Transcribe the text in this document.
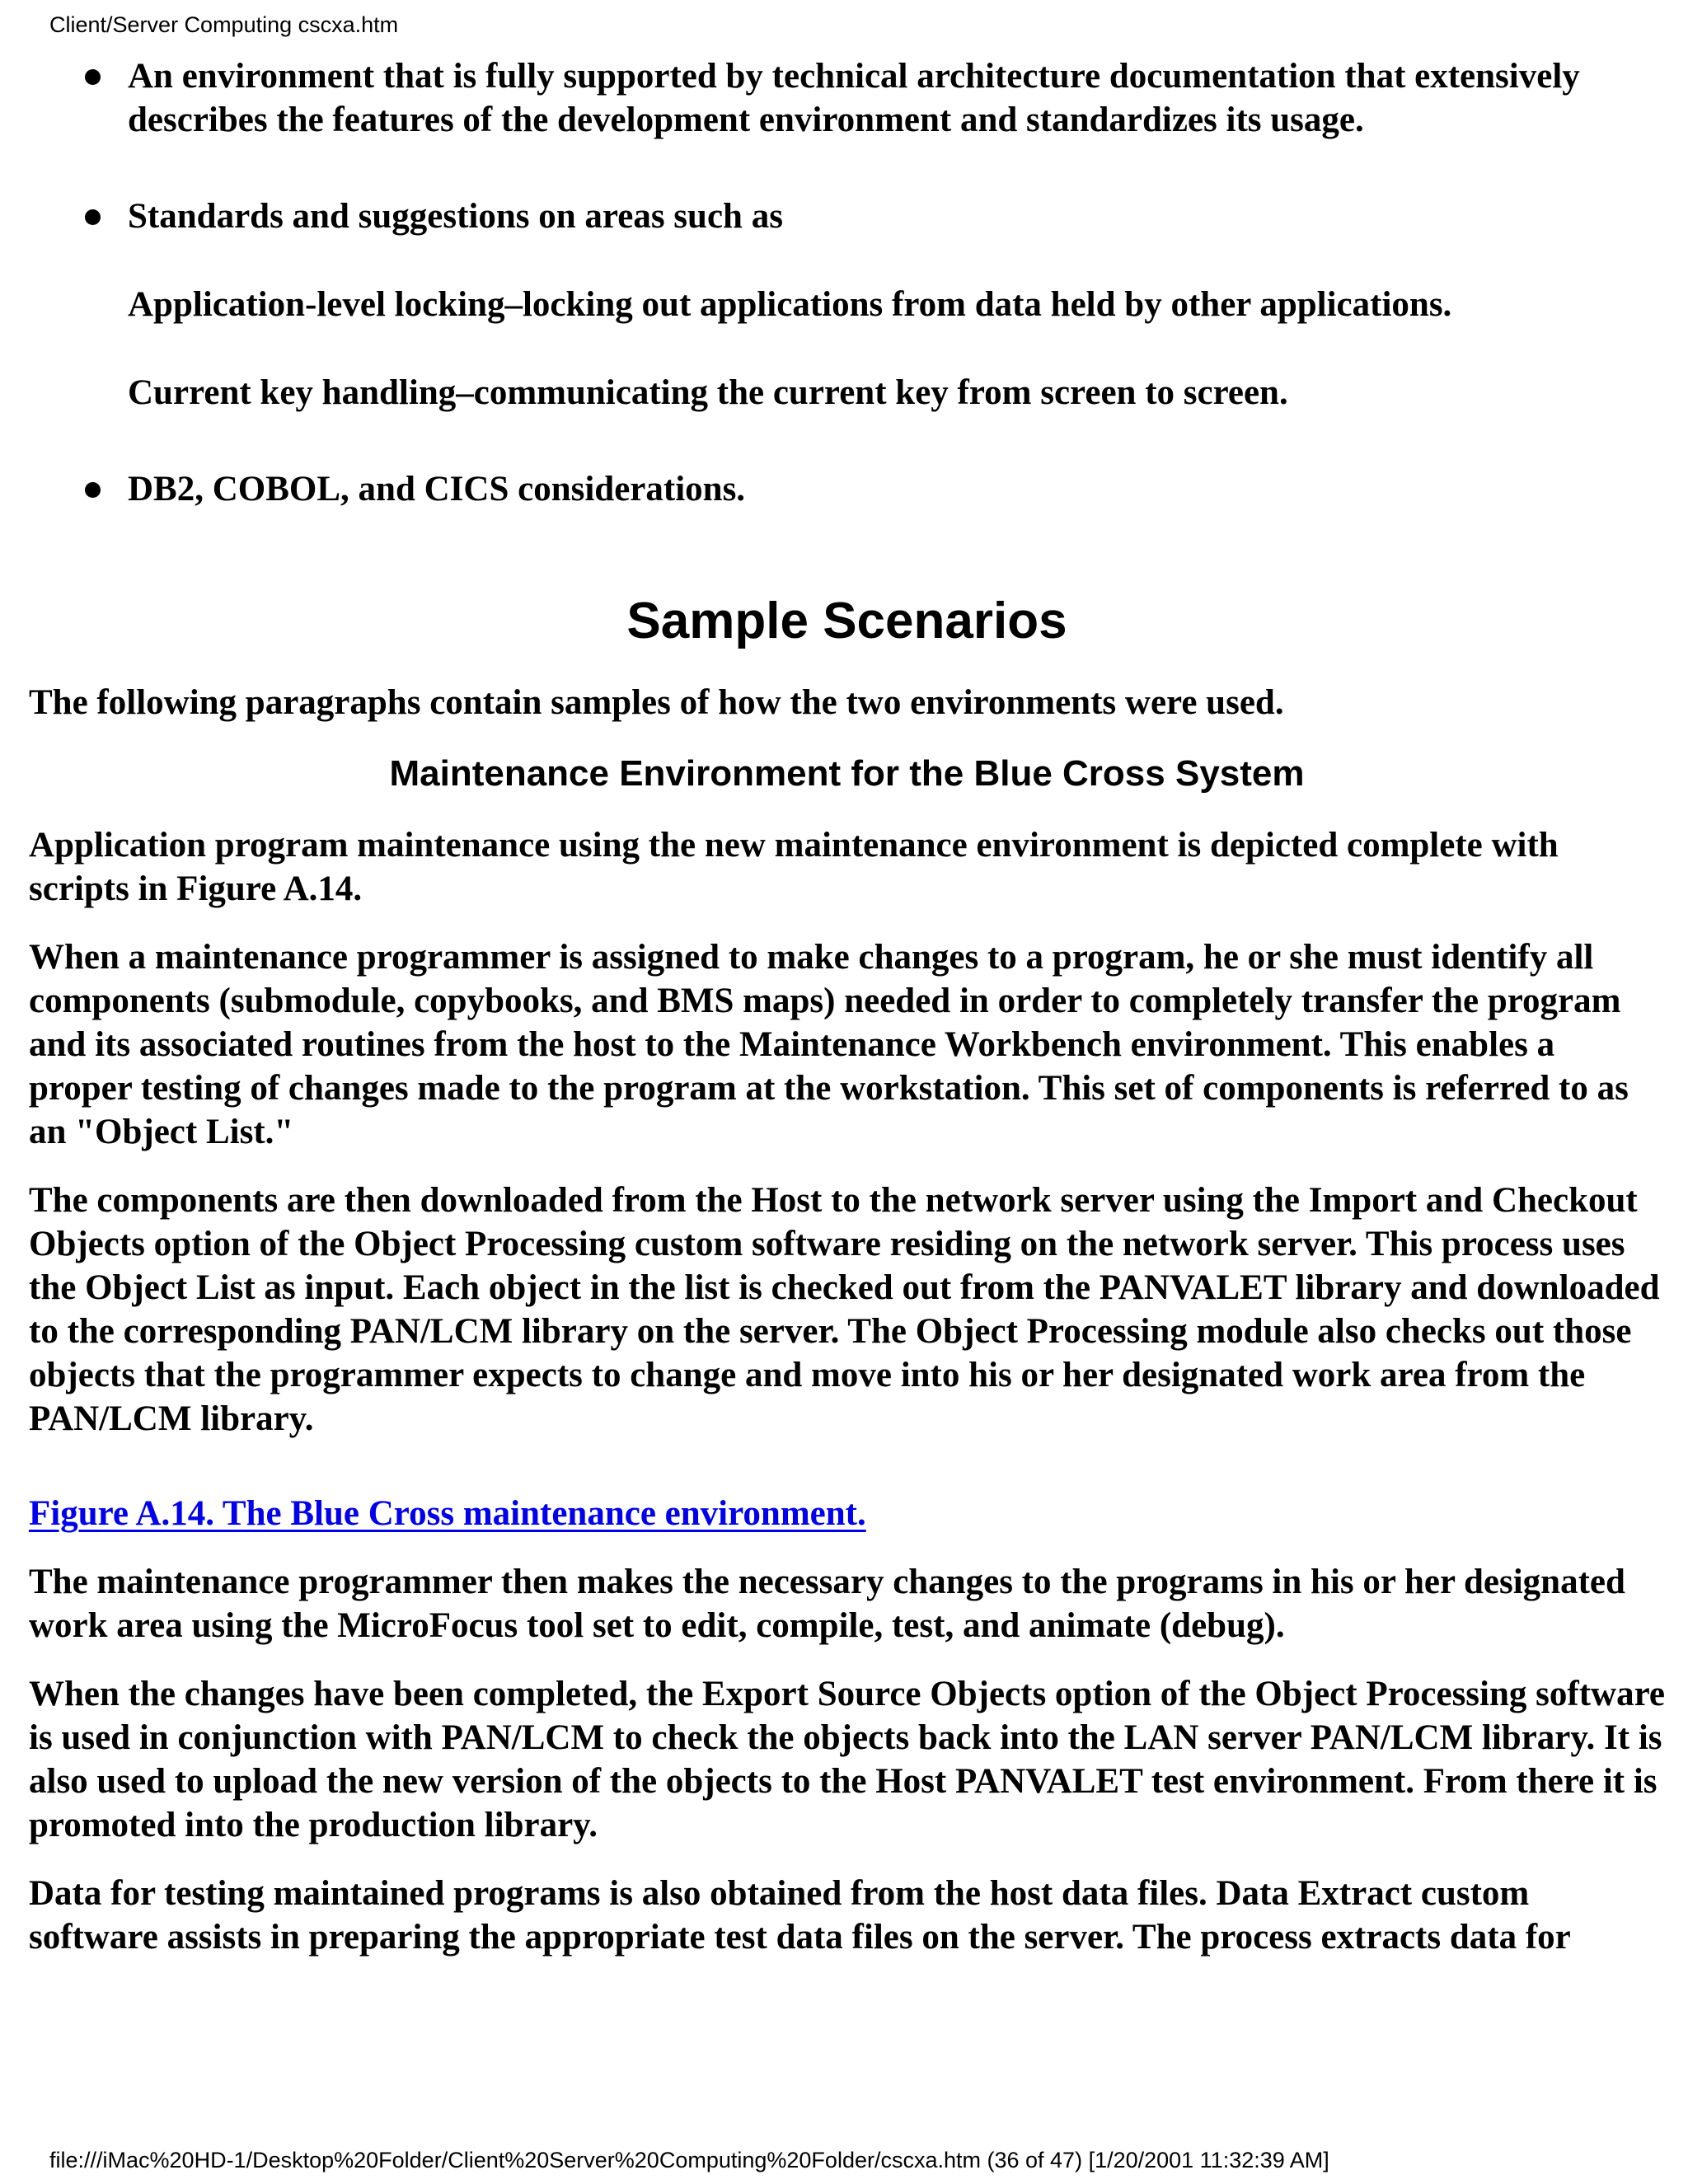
Client/Server Computing cscxa.htm
An environment that is fully supported by technical architecture documentation that extensively describes the features of the development environment and standardizes its usage.
Standards and suggestions on areas such as

Application-level locking–locking out applications from data held by other applications.

Current key handling–communicating the current key from screen to screen.

DB2, COBOL, and CICS considerations.
Sample Scenarios

The following paragraphs contain samples of how the two environments were used.

Maintenance Environment for the Blue Cross System

Application program maintenance using the new maintenance environment is depicted complete with scripts in Figure A.14.

When a maintenance programmer is assigned to make changes to a program, he or she must identify all components (submodule, copybooks, and BMS maps) needed in order to completely transfer the program and its associated routines from the host to the Maintenance Workbench environment. This enables a proper testing of changes made to the program at the workstation. This set of components is referred to as an "Object List."

The components are then downloaded from the Host to the network server using the Import and Checkout Objects option of the Object Processing custom software residing on the network server. This process uses the Object List as input. Each object in the list is checked out from the PANVALET library and downloaded to the corresponding PAN/LCM library on the server. The Object Processing module also checks out those objects that the programmer expects to change and move into his or her designated work area from the PAN/LCM library.

Figure A.14. The Blue Cross maintenance environment.

The maintenance programmer then makes the necessary changes to the programs in his or her designated work area using the MicroFocus tool set to edit, compile, test, and animate (debug).

When the changes have been completed, the Export Source Objects option of the Object Processing software is used in conjunction with PAN/LCM to check the objects back into the LAN server PAN/LCM library. It is also used to upload the new version of the objects to the Host PANVALET test environment. From there it is promoted into the production library.

Data for testing maintained programs is also obtained from the host data files. Data Extract custom software assists in preparing the appropriate test data files on the server. The process extracts data for

file:///iMac%20HD-1/Desktop%20Folder/Client%20Server%20Computing%20Folder/cscxa.htm (36 of 47) [1/20/2001 11:32:39 AM]
